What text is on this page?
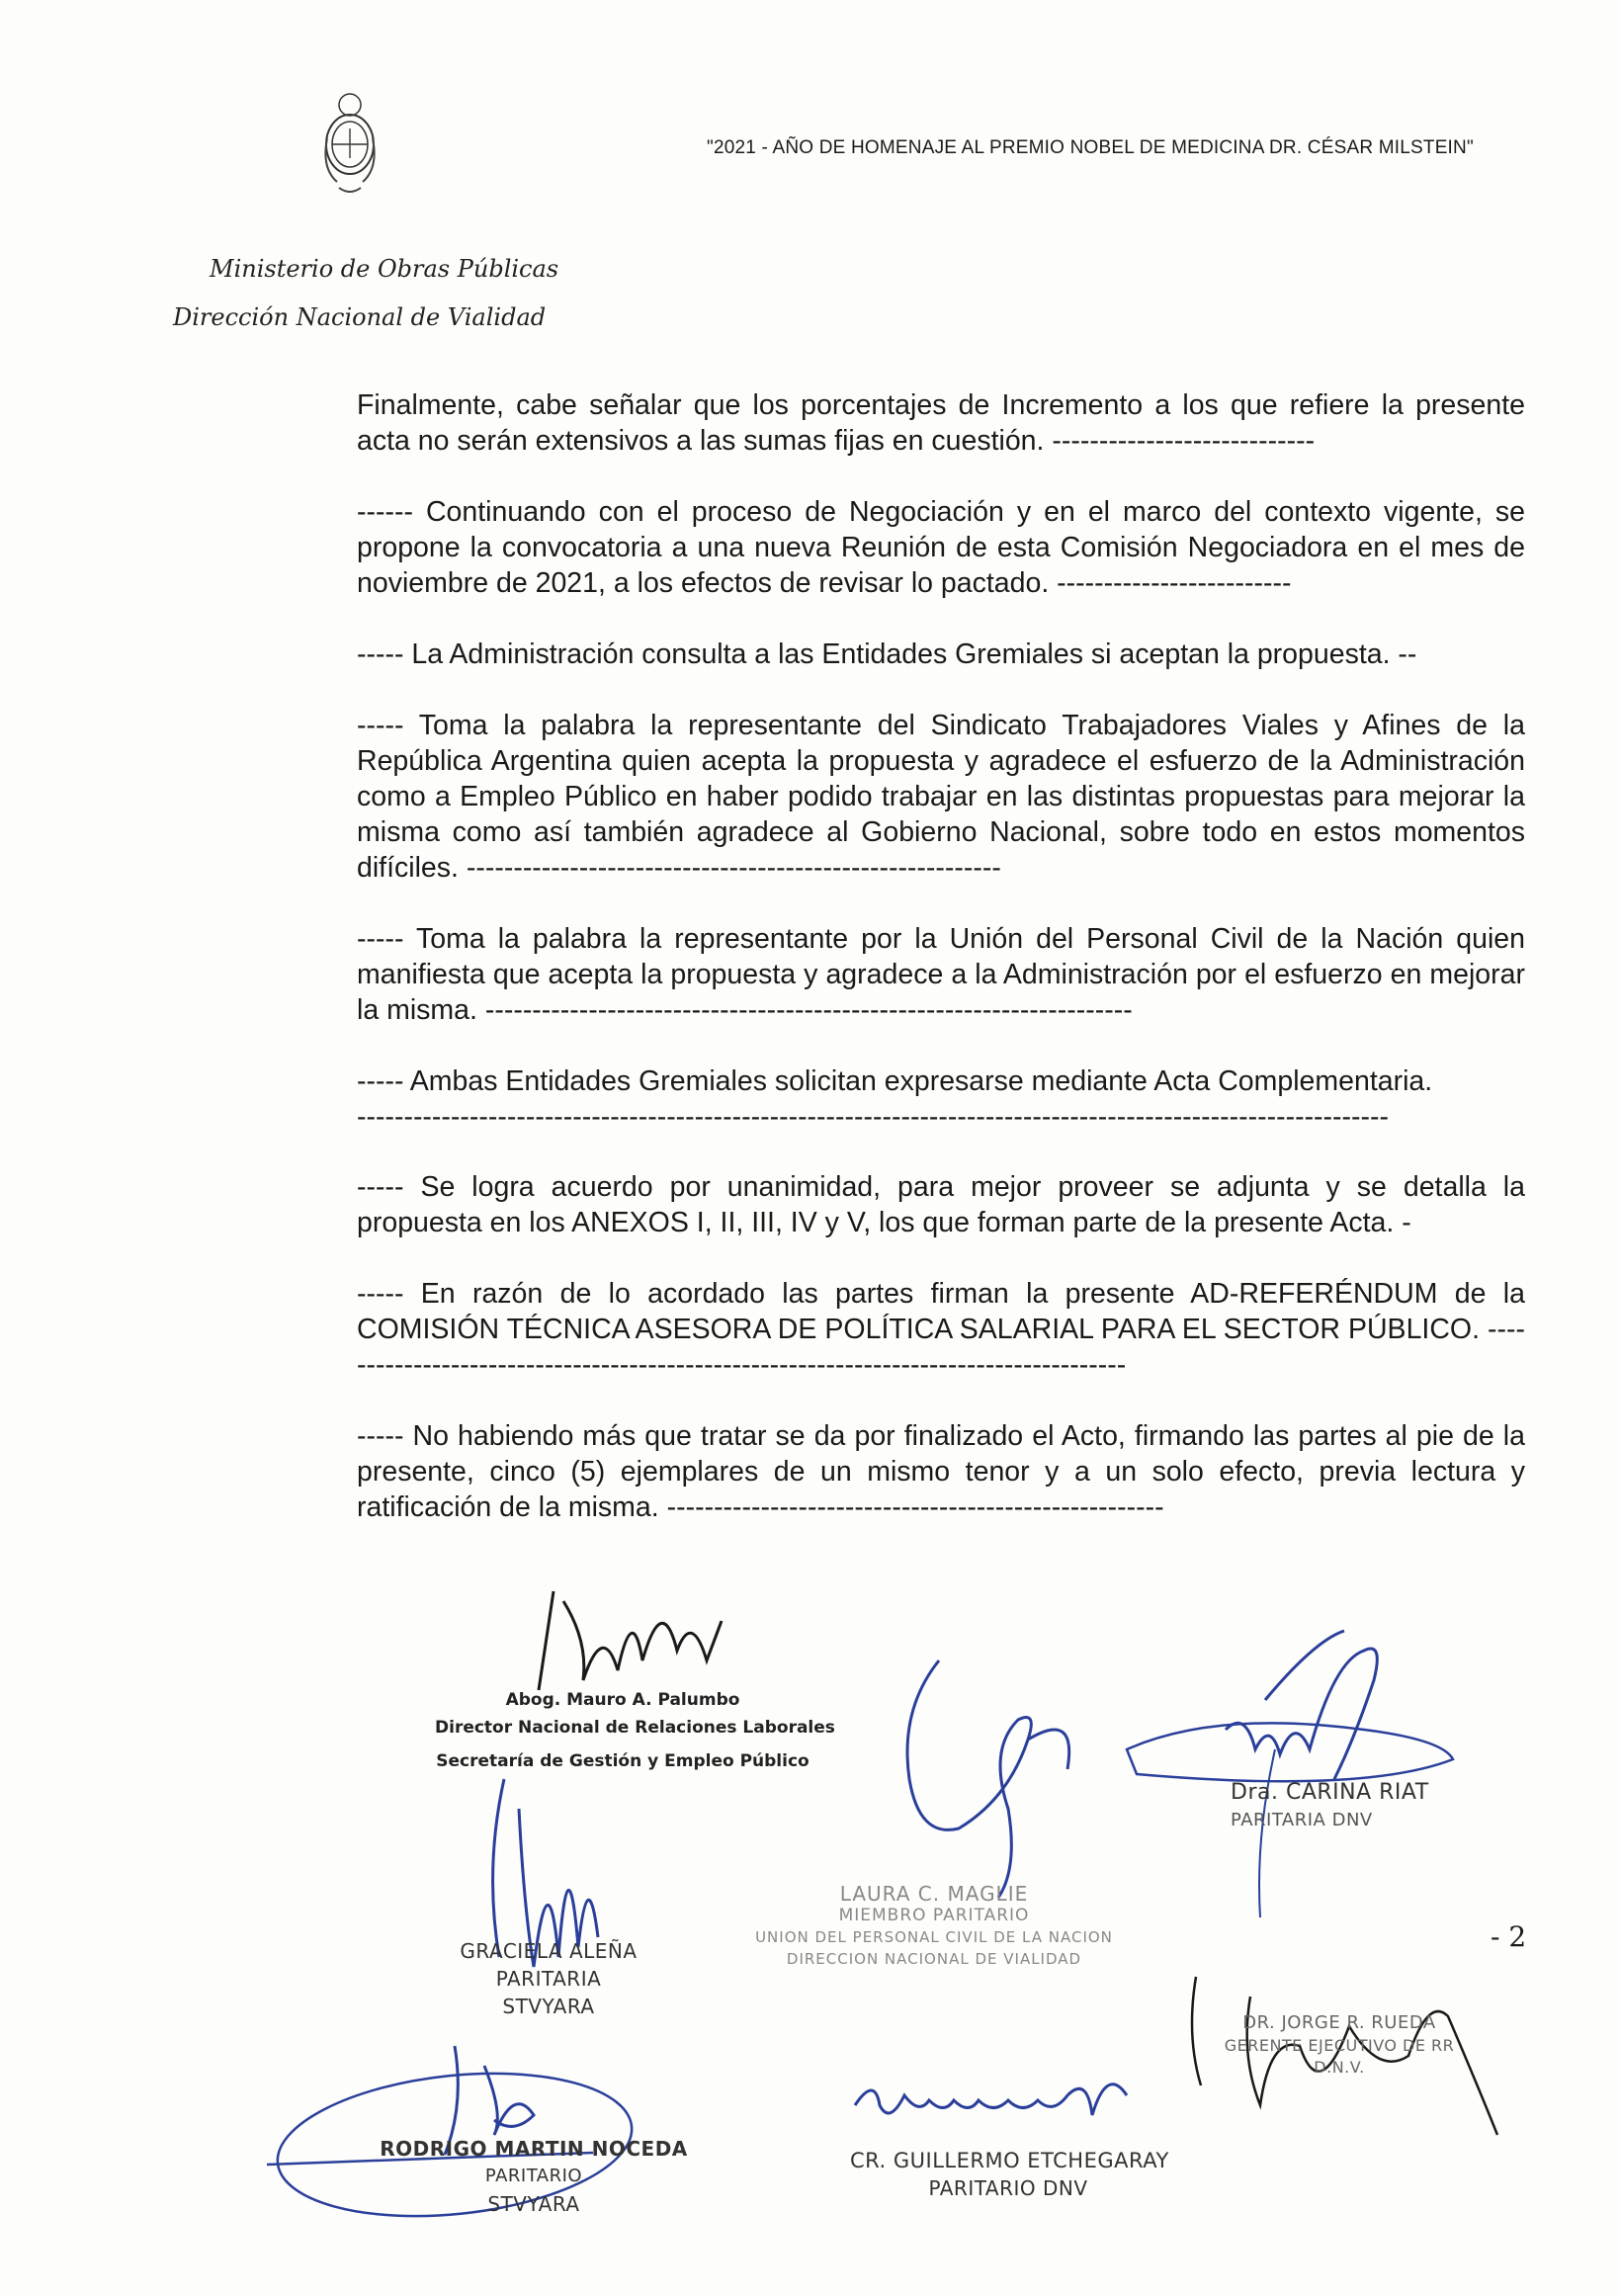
"2021 - AÑO DE HOMENAJE AL PREMIO NOBEL DE MEDICINA DR. CÉSAR MILSTEIN"
Ministerio de Obras Públicas
Dirección Nacional de Vialidad

Finalmente, cabe señalar que los porcentajes de Incremento a los que refiere la presente acta no serán extensivos a las sumas fijas en cuestión. ----------------------------

------ Continuando con el proceso de Negociación y en el marco del contexto vigente, se propone la convocatoria a una nueva Reunión de esta Comisión Negociadora en el mes de noviembre de 2021, a los efectos de revisar lo pactado. -------------------------

----- La Administración consulta a las Entidades Gremiales si aceptan la propuesta. --

----- Toma la palabra la representante del Sindicato Trabajadores Viales y Afines de la República Argentina quien acepta la propuesta y agradece el esfuerzo de la Administración como a Empleo Público en haber podido trabajar en las distintas propuestas para mejorar la misma como así también agradece al Gobierno Nacional, sobre todo en estos momentos difíciles. ---------------------------------------------------------

----- Toma la palabra la representante por la Unión del Personal Civil de la Nación quien manifiesta que acepta la propuesta y agradece a la Administración por el esfuerzo en mejorar la misma. ---------------------------------------------------------------------

----- Ambas Entidades Gremiales solicitan expresarse mediante Acta Complementaria.
--------------------------------------------------------------------------------------------------------------

----- Se logra acuerdo por unanimidad, para mejor proveer se adjunta y se detalla la propuesta en los ANEXOS I, II, III, IV y V, los que forman parte de la presente Acta. -

----- En razón de lo acordado las partes firman la presente AD-REFERÉNDUM de la COMISIÓN TÉCNICA ASESORA DE POLÍTICA SALARIAL PARA EL SECTOR PÚBLICO. --------------------------------------------------------------------------------------

----- No habiendo más que tratar se da por finalizado el Acto, firmando las partes al pie de la presente, cinco (5) ejemplares de un mismo tenor y a un solo efecto, previa lectura y ratificación de la misma. -----------------------------------------------------

Abog. Mauro A. Palumbo
Director Nacional de Relaciones Laborales
Secretaría de Gestión y Empleo Público
LAURA C. MAGLIE
MIEMBRO PARITARIO
UNION DEL PERSONAL CIVIL DE LA NACION
DIRECCION NACIONAL DE VIALIDAD
Dra. CARINA RIAT
PARITARIA DNV
GRACIELA ALEÑA
PARITARIA
STVYARA
DR. JORGE R. RUEDA
GERENTE EJECUTIVO DE RR
D.N.V.
- 2
RODRIGO MARTIN NOCEDA
PARITARIO
STVYARA
CR. GUILLERMO ETCHEGARAY
PARITARIO DNV
